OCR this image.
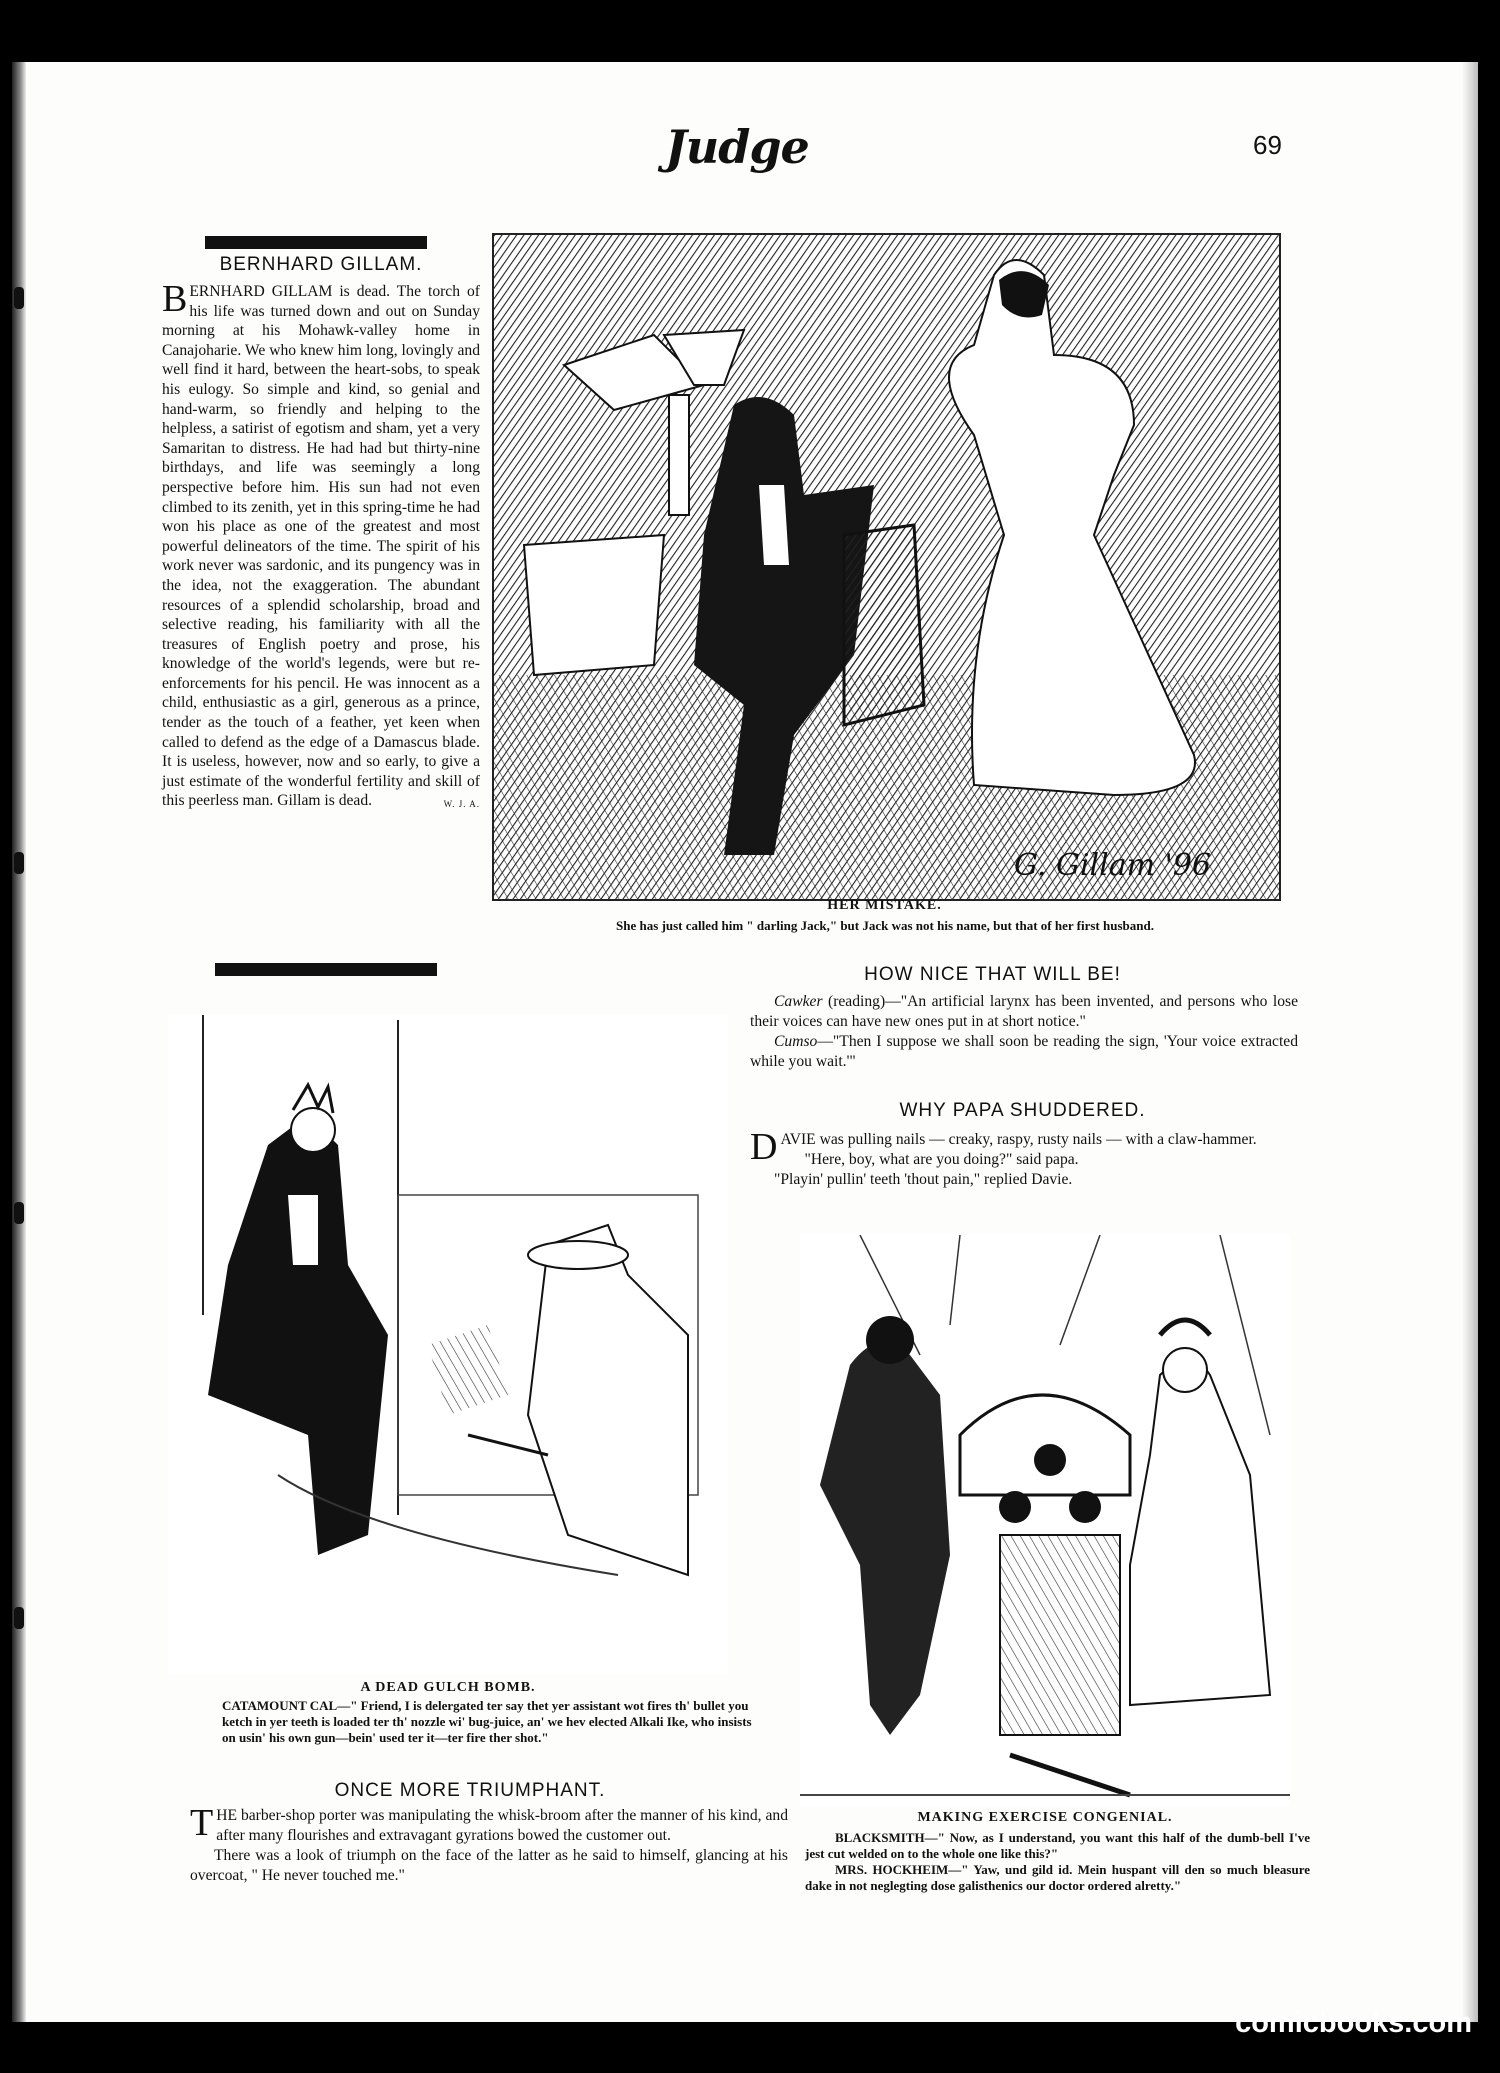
Judge	69
BERNHARD GILLAM.
BERNHARD GILLAM is dead. The torch of his life was turned down and out on Sunday morning at his Mohawk-valley home in Canajoharie. We who knew him long, lovingly and well find it hard, between the heart-sobs, to speak his eulogy. So simple and kind, so genial and hand-warm, so friendly and helping to the helpless, a satirist of egotism and sham, yet a very Samaritan to distress. He had had but thirty-nine birthdays, and life was seemingly a long perspective before him. His sun had not even climbed to its zenith, yet in this spring-time he had won his place as one of the greatest and most powerful delineators of the time. The spirit of his work never was sardonic, and its pungency was in the idea, not the exaggeration. The abundant resources of a splendid scholarship, broad and selective reading, his familiarity with all the treasures of English poetry and prose, his knowledge of the world's legends, were but re-enforcements for his pencil. He was innocent as a child, enthusiastic as a girl, generous as a prince, tender as the touch of a feather, yet keen when called to defend as the edge of a Damascus blade. It is useless, however, now and so early, to give a just estimate of the wonderful fertility and skill of this peerless man. Gillam is dead.	W. J. A.
G. Gillam '96
HER MISTAKE.
She has just called him " darling Jack," but Jack was not his name, but that of her first husband.
HOW NICE THAT WILL BE!

Cawker (reading)—"An artificial larynx has been invented, and persons who lose their voices can have new ones put in at short notice."

Cumso—"Then I suppose we shall soon be reading the sign, 'Your voice extracted while you wait.'"

WHY PAPA SHUDDERED.

DAVIE was pulling nails — creaky, raspy, rusty nails — with a claw-hammer.

"Here, boy, what are you doing?" said papa.

"Playin' pullin' teeth 'thout pain," replied Davie.

A DEAD GULCH BOMB.
CATAMOUNT CAL—" Friend, I is delergated ter say thet yer assistant wot fires th' bullet you ketch in yer teeth is loaded ter th' nozzle wi' bug-juice, an' we hev elected Alkali Ike, who insists on usin' his own gun—bein' used ter it—ter fire ther shot."
ONCE MORE TRIUMPHANT.

THE barber-shop porter was manipulating the whisk-broom after the manner of his kind, and after many flourishes and extravagant gyrations bowed the customer out.

There was a look of triumph on the face of the latter as he said to himself, glancing at his overcoat, " He never touched me."

MAKING EXERCISE CONGENIAL.
BLACKSMITH—" Now, as I understand, you want this half of the dumb-bell I've jest cut welded on to the whole one like this?"
MRS. HOCKHEIM—" Yaw, und gild id. Mein huspant vill den so much bleasure dake in not neglegting dose galisthenics our doctor ordered alretty."
comicbooks.com
